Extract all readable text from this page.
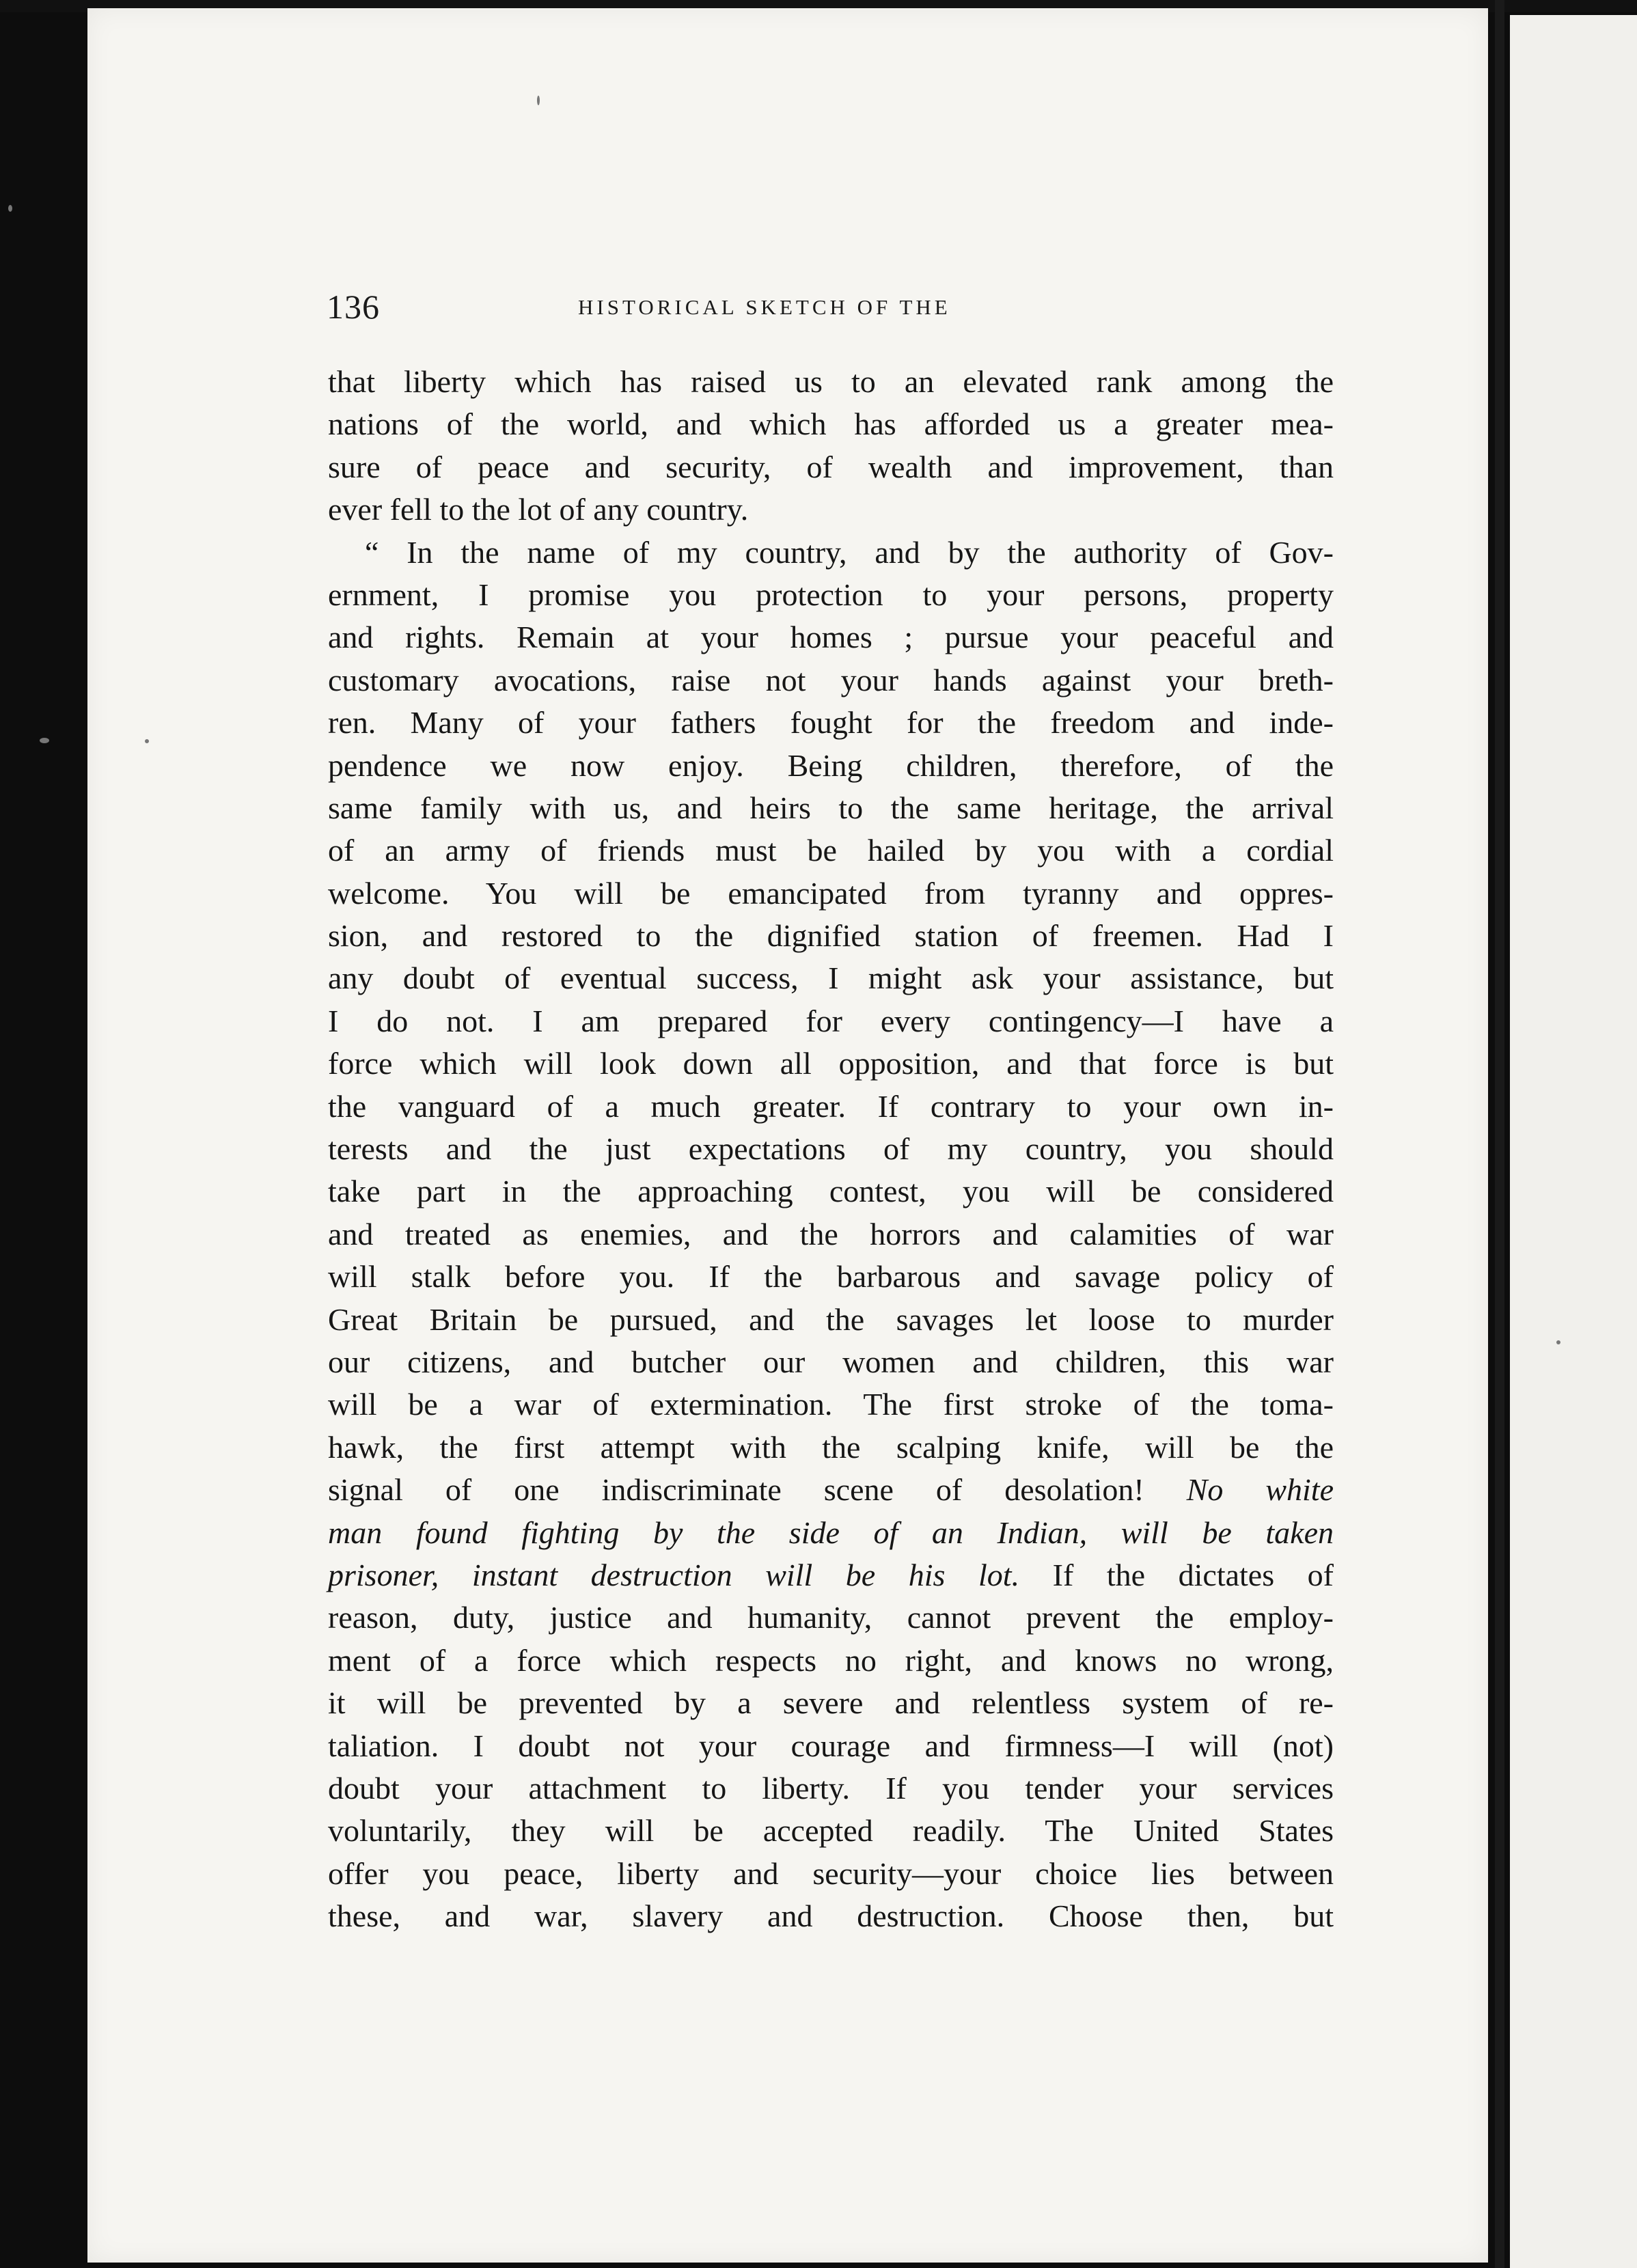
136	HISTORICAL SKETCH OF THE
that liberty which has raised us to an elevated rank among the
nations of the world, and which has afforded us a greater mea-
sure of peace and security, of wealth and improvement, than
ever fell to the lot of any country.
“ In the name of my country, and by the authority of Gov-
ernment, I promise you protection to your persons, property
and rights. Remain at your homes ; pursue your peaceful and
customary avocations, raise not your hands against your breth-
ren. Many of your fathers fought for the freedom and inde-
pendence we now enjoy. Being children, therefore, of the
same family with us, and heirs to the same heritage, the arrival
of an army of friends must be hailed by you with a cordial
welcome. You will be emancipated from tyranny and oppres-
sion, and restored to the dignified station of freemen. Had I
any doubt of eventual success, I might ask your assistance, but
I do not. I am prepared for every contingency—I have a
force which will look down all opposition, and that force is but
the vanguard of a much greater. If contrary to your own in-
terests and the just expectations of my country, you should
take part in the approaching contest, you will be considered
and treated as enemies, and the horrors and calamities of war
will stalk before you. If the barbarous and savage policy of
Great Britain be pursued, and the savages let loose to murder
our citizens, and butcher our women and children, this war
will be a war of extermination. The first stroke of the toma-
hawk, the first attempt with the scalping knife, will be the
signal of one indiscriminate scene of desolation! No white
man found fighting by the side of an Indian, will be taken
prisoner, instant destruction will be his lot. If the dictates of
reason, duty, justice and humanity, cannot prevent the employ-
ment of a force which respects no right, and knows no wrong,
it will be prevented by a severe and relentless system of re-
taliation. I doubt not your courage and firmness—I will (not)
doubt your attachment to liberty. If you tender your services
voluntarily, they will be accepted readily. The United States
offer you peace, liberty and security—your choice lies between
these, and war, slavery and destruction. Choose then, but
